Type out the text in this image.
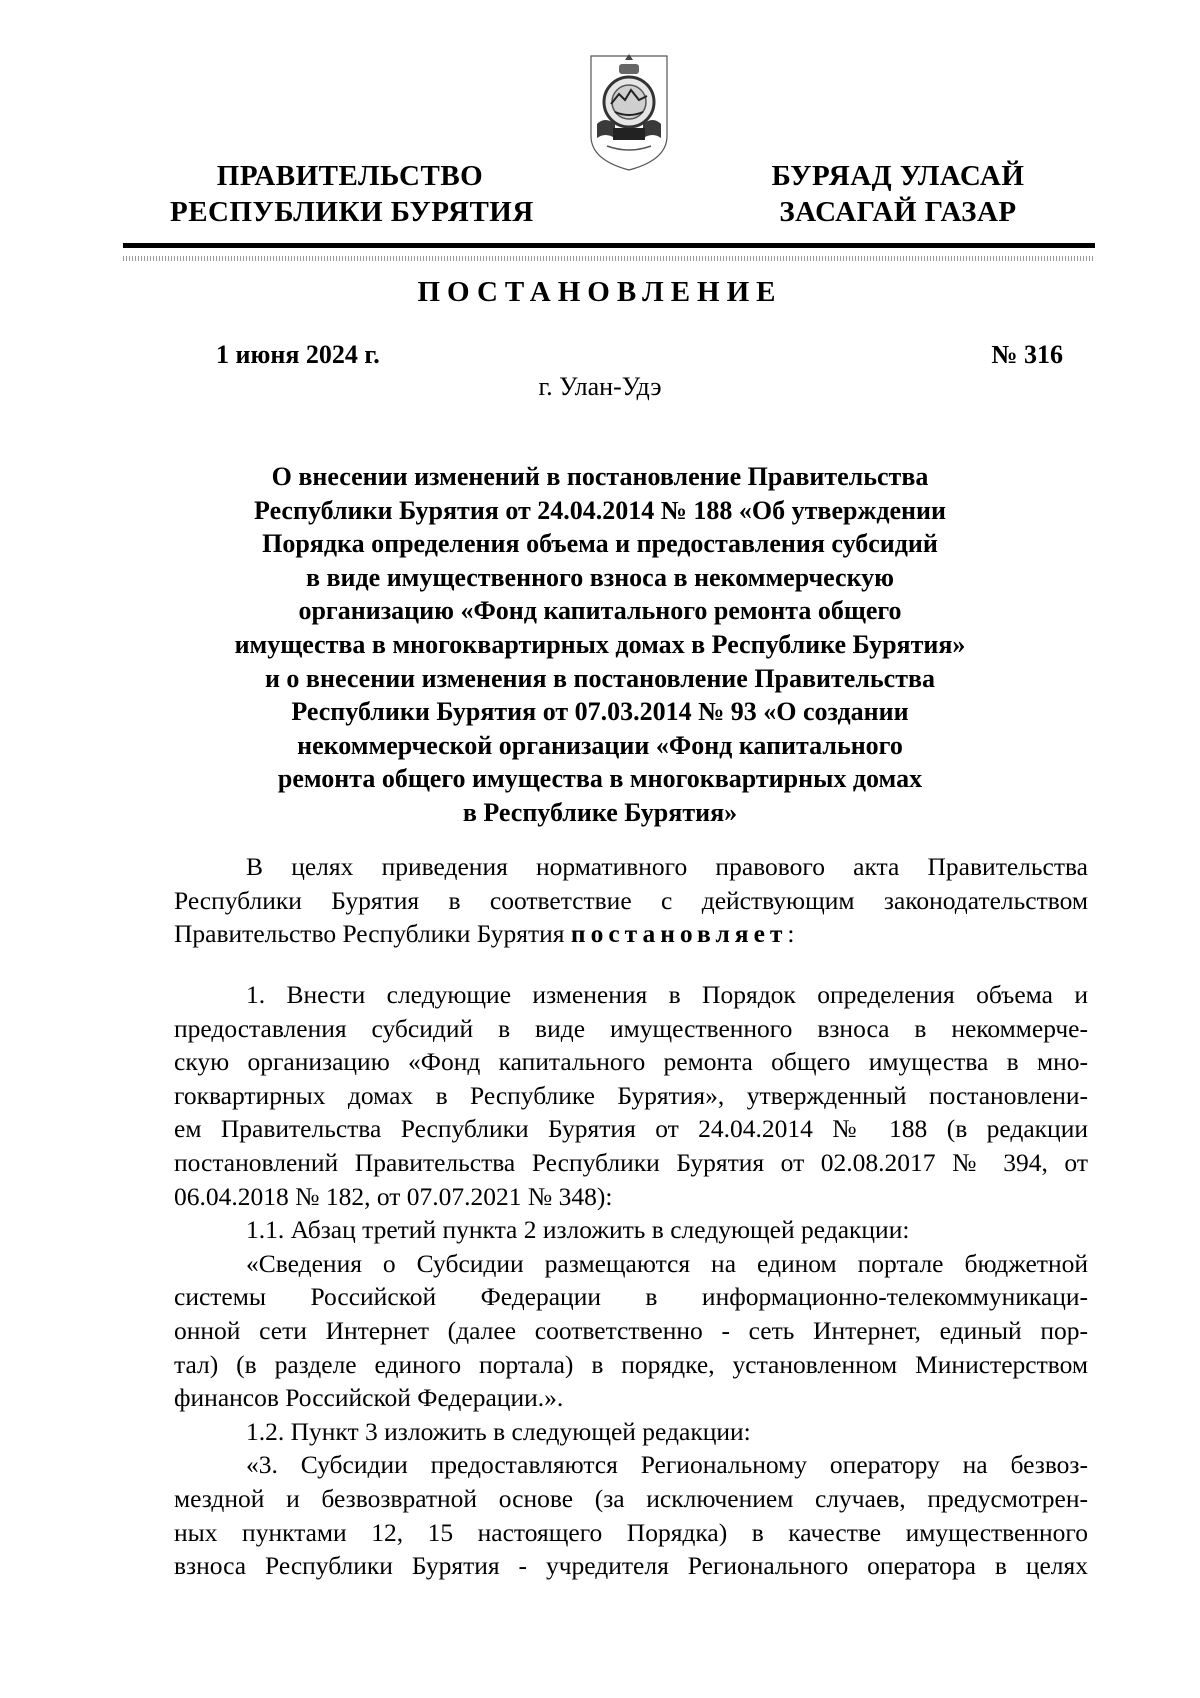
ПРАВИТЕЛЬСТВО
РЕСПУБЛИКИ БУРЯТИЯ
БУРЯАД УЛАСАЙ
ЗАСАГАЙ ГАЗАР
ПОСТАНОВЛЕНИЕ
1 июня 2024 г.	№ 316
г. Улан-Удэ
О внесении изменений в постановление Правительства
Республики Бурятия от 24.04.2014 № 188 «Об утверждении
Порядка определения объема и предоставления субсидий
в виде имущественного взноса в некоммерческую
организацию «Фонд капитального ремонта общего
имущества в многоквартирных домах в Республике Бурятия»
и о внесении изменения в постановление Правительства
Республики Бурятия от 07.03.2014 № 93 «О создании
некоммерческой организации «Фонд капитального
ремонта общего имущества в многоквартирных домах
в Республике Бурятия»
В целях приведения нормативного правового акта Правительства
Республики Бурятия в соответствие с действующим законодательством
Правительство Республики Бурятия постановляет:
1. Внести следующие изменения в Порядок определения объема и
предоставления субсидий в виде имущественного взноса в некоммерче-
скую организацию «Фонд капитального ремонта общего имущества в мно-
гоквартирных домах в Республике Бурятия», утвержденный постановлени-
ем Правительства Республики Бурятия от 24.04.2014 № 188 (в редакции
постановлений Правительства Республики Бурятия от 02.08.2017 № 394, от
06.04.2018 № 182, от 07.07.2021 № 348):
1.1. Абзац третий пункта 2 изложить в следующей редакции:
«Сведения о Субсидии размещаются на едином портале бюджетной
системы Российской Федерации в информационно-телекоммуникаци-
онной сети Интернет (далее соответственно - сеть Интернет, единый пор-
тал) (в разделе единого портала) в порядке, установленном Министерством
финансов Российской Федерации.».
1.2. Пункт 3 изложить в следующей редакции:
«3. Субсидии предоставляются Региональному оператору на безвоз-
мездной и безвозвратной основе (за исключением случаев, предусмотрен-
ных пунктами 12, 15 настоящего Порядка) в качестве имущественного
взноса Республики Бурятия - учредителя Регионального оператора в целях
